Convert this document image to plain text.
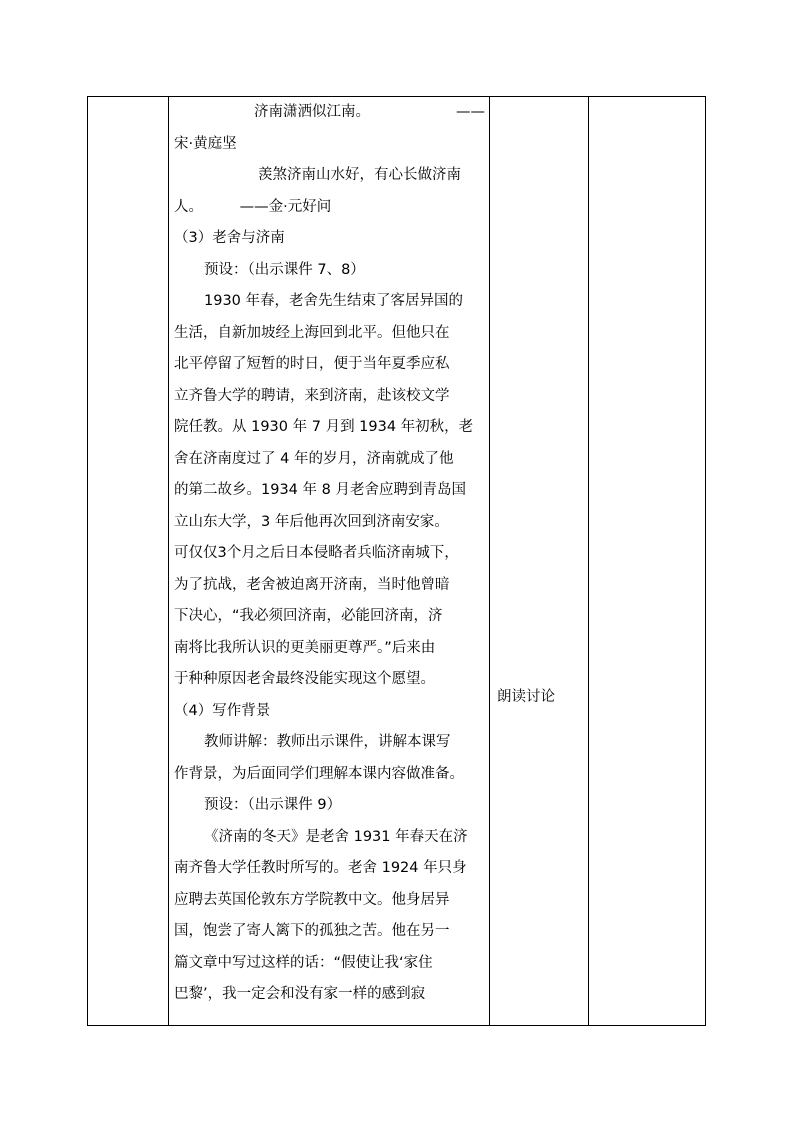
济南潇洒似江南。	——
宋·黄庭坚
羡煞济南山水好，有心长做济南
人。	——金·元好问
（3）老舍与济南
预设：（出示课件 7、8）
1930 年春，老舍先生结束了客居异国的
生活，自新加坡经上海回到北平。但他只在
北平停留了短暂的时日，便于当年夏季应私
立齐鲁大学的聘请，来到济南，赴该校文学
院任教。从 1930 年 7 月到 1934 年初秋，老
舍在济南度过了 4 年的岁月，济南就成了他
的第二故乡。1934 年 8 月老舍应聘到青岛国
立山东大学，3 年后他再次回到济南安家。
可仅仅3个月之后日本侵略者兵临济南城下，
为了抗战，老舍被迫离开济南，当时他曾暗
下决心，“我必须回济南，必能回济南，济
南将比我所认识的更美丽更尊严。”后来由
于种种原因老舍最终没能实现这个愿望。
（4）写作背景
教师讲解：教师出示课件，讲解本课写
作背景，为后面同学们理解本课内容做准备。
预设：（出示课件 9）
《济南的冬天》是老舍 1931 年春天在济
南齐鲁大学任教时所写的。老舍 1924 年只身
应聘去英国伦敦东方学院教中文。他身居异
国，饱尝了寄人篱下的孤独之苦。他在另一
篇文章中写过这样的话：“假使让我‘家住
巴黎’，我一定会和没有家一样的感到寂
朗读讨论
